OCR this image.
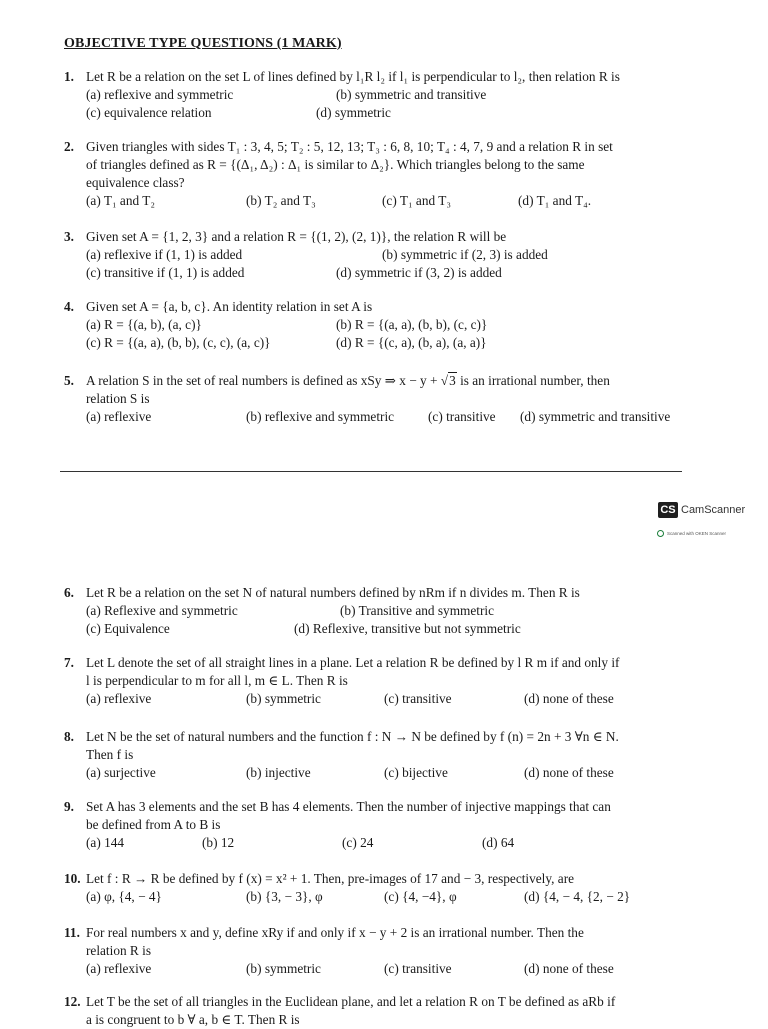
OBJECTIVE TYPE QUESTIONS (1 MARK)
1. Let R be a relation on the set L of lines defined by l₁R l₂ if l₁ is perpendicular to l₂, then relation R is
(a) reflexive and symmetric	(b) symmetric and transitive
(c) equivalence relation	(d) symmetric
2. Given triangles with sides T₁ : 3, 4, 5; T₂ : 5, 12, 13; T₃ : 6, 8, 10; T₄ : 4, 7, 9 and a relation R in set
of triangles defined as R = {(Δ₁, Δ₂) : Δ₁ is similar to Δ₂}. Which triangles belong to the same
equivalence class?
(a) T₁ and T₂	(b) T₂ and T₃	(c) T₁ and T₃	(d) T₁ and T₄.
3. Given set A = {1, 2, 3} and a relation R = {(1, 2), (2, 1)}, the relation R will be
(a) reflexive if (1, 1) is added	(b) symmetric if (2, 3) is added
(c) transitive if (1, 1) is added	(d) symmetric if (3, 2) is added
4. Given set A = {a, b, c}. An identity relation in set A is
(a) R = {(a, b), (a, c)}	(b) R = {(a, a), (b, b), (c, c)}
(c) R = {(a, a), (b, b), (c, c), (a, c)}	(d) R = {(c, a), (b, a), (a, a)}
5. A relation S in the set of real numbers is defined as xSy ⇒ x − y + √3 is an irrational number, then
relation S is
(a) reflexive	(b) reflexive and symmetric	(c) transitive (d) symmetric and transitive
CS CamScanner
Scanned with OKEN Scanner
6. Let R be a relation on the set N of natural numbers defined by nRm if n divides m. Then R is
(a) Reflexive and symmetric	(b) Transitive and symmetric
(c) Equivalence	(d) Reflexive, transitive but not symmetric
7. Let L denote the set of all straight lines in a plane. Let a relation R be defined by l R m if and only if
l is perpendicular to m for all l, m ∈ L. Then R is
(a) reflexive	(b) symmetric	(c) transitive	(d) none of these
8. Let N be the set of natural numbers and the function f : N → N be defined by f (n) = 2n + 3 ∀n ∈ N.
Then f is
(a) surjective	(b) injective	(c) bijective	(d) none of these
9. Set A has 3 elements and the set B has 4 elements. Then the number of injective mappings that can
be defined from A to B is
(a) 144	(b) 12	(c) 24	(d) 64
10. Let f : R → R be defined by f (x) = x² + 1. Then, pre-images of 17 and − 3, respectively, are
(a) φ, {4, − 4}	(b) {3, − 3}, φ	(c) {4, −4}, φ	(d) {4, − 4, {2, − 2}
11. For real numbers x and y, define xRy if and only if x − y + 2 is an irrational number. Then the
relation R is
(a) reflexive	(b) symmetric	(c) transitive	(d) none of these
12. Let T be the set of all triangles in the Euclidean plane, and let a relation R on T be defined as aRb if
a is congruent to b ∀ a, b ∈ T. Then R is
